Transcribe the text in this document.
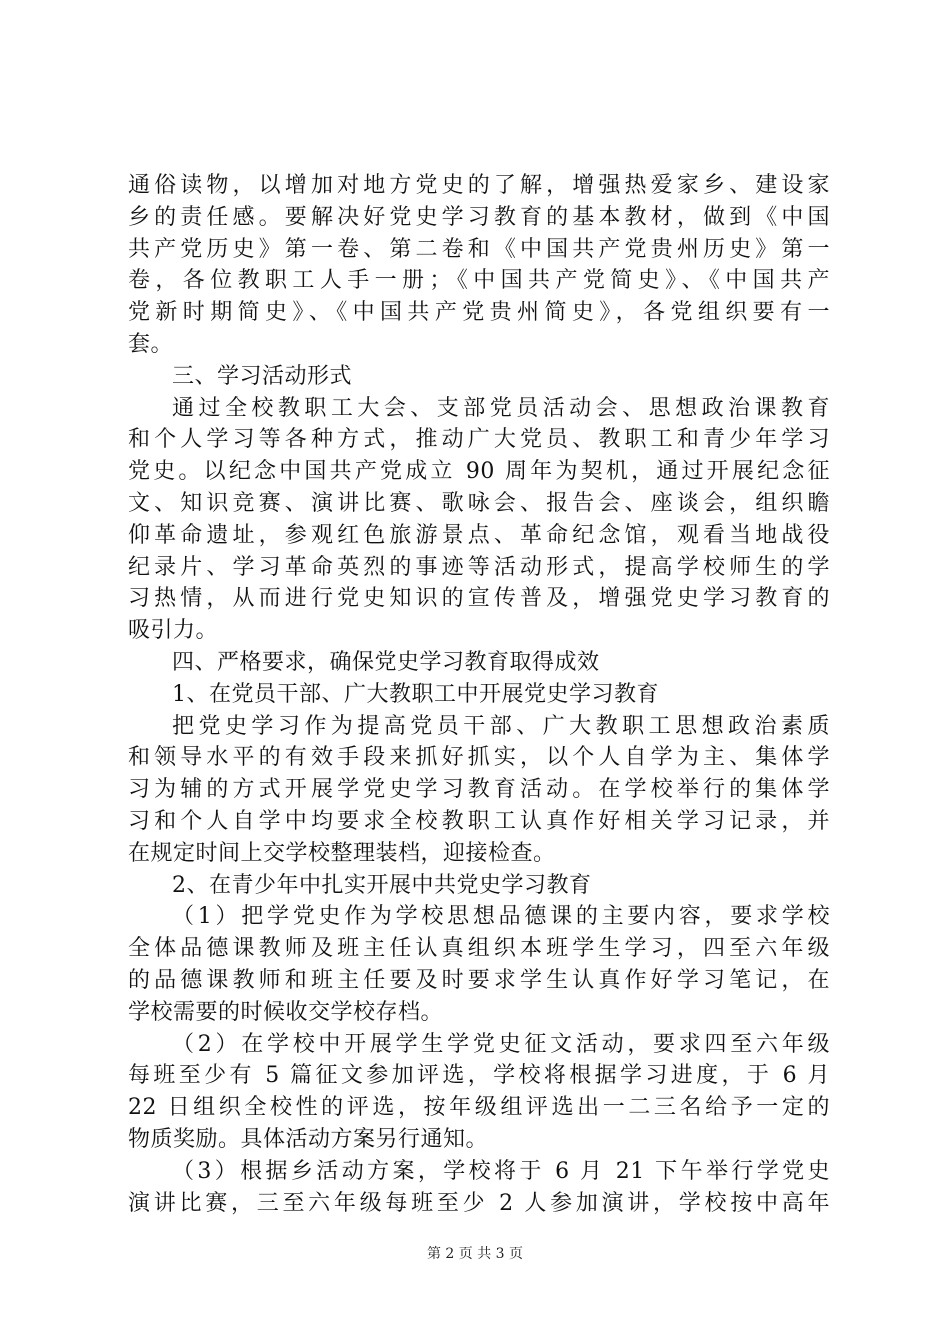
通俗读物，以增加对地方党史的了解，增强热爱家乡、建设家
乡的责任感。要解决好党史学习教育的基本教材，做到《中国
共产党历史》第一卷、第二卷和《中国共产党贵州历史》第一
卷，各位教职工人手一册；《中国共产党简史》、《中国共产
党新时期简史》、《中国共产党贵州简史》，各党组织要有一
套。
三、学习活动形式
通过全校教职工大会、支部党员活动会、思想政治课教育
和个人学习等各种方式，推动广大党员、教职工和青少年学习
党史。以纪念中国共产党成立 90 周年为契机，通过开展纪念征
文、知识竞赛、演讲比赛、歌咏会、报告会、座谈会，组织瞻
仰革命遗址，参观红色旅游景点、革命纪念馆，观看当地战役
纪录片、学习革命英烈的事迹等活动形式，提高学校师生的学
习热情，从而进行党史知识的宣传普及，增强党史学习教育的
吸引力。
四、严格要求，确保党史学习教育取得成效
1、在党员干部、广大教职工中开展党史学习教育
把党史学习作为提高党员干部、广大教职工思想政治素质
和领导水平的有效手段来抓好抓实，以个人自学为主、集体学
习为辅的方式开展学党史学习教育活动。在学校举行的集体学
习和个人自学中均要求全校教职工认真作好相关学习记录，并
在规定时间上交学校整理装档，迎接检查。
2、在青少年中扎实开展中共党史学习教育
（1）把学党史作为学校思想品德课的主要内容，要求学校
全体品德课教师及班主任认真组织本班学生学习，四至六年级
的品德课教师和班主任要及时要求学生认真作好学习笔记，在
学校需要的时候收交学校存档。
（2）在学校中开展学生学党史征文活动，要求四至六年级
每班至少有 5 篇征文参加评选，学校将根据学习进度，于 6 月
22 日组织全校性的评选，按年级组评选出一二三名给予一定的
物质奖励。具体活动方案另行通知。
（3）根据乡活动方案，学校将于 6 月 21 下午举行学党史
演讲比赛，三至六年级每班至少 2 人参加演讲，学校按中高年
第 2 页 共 3 页
